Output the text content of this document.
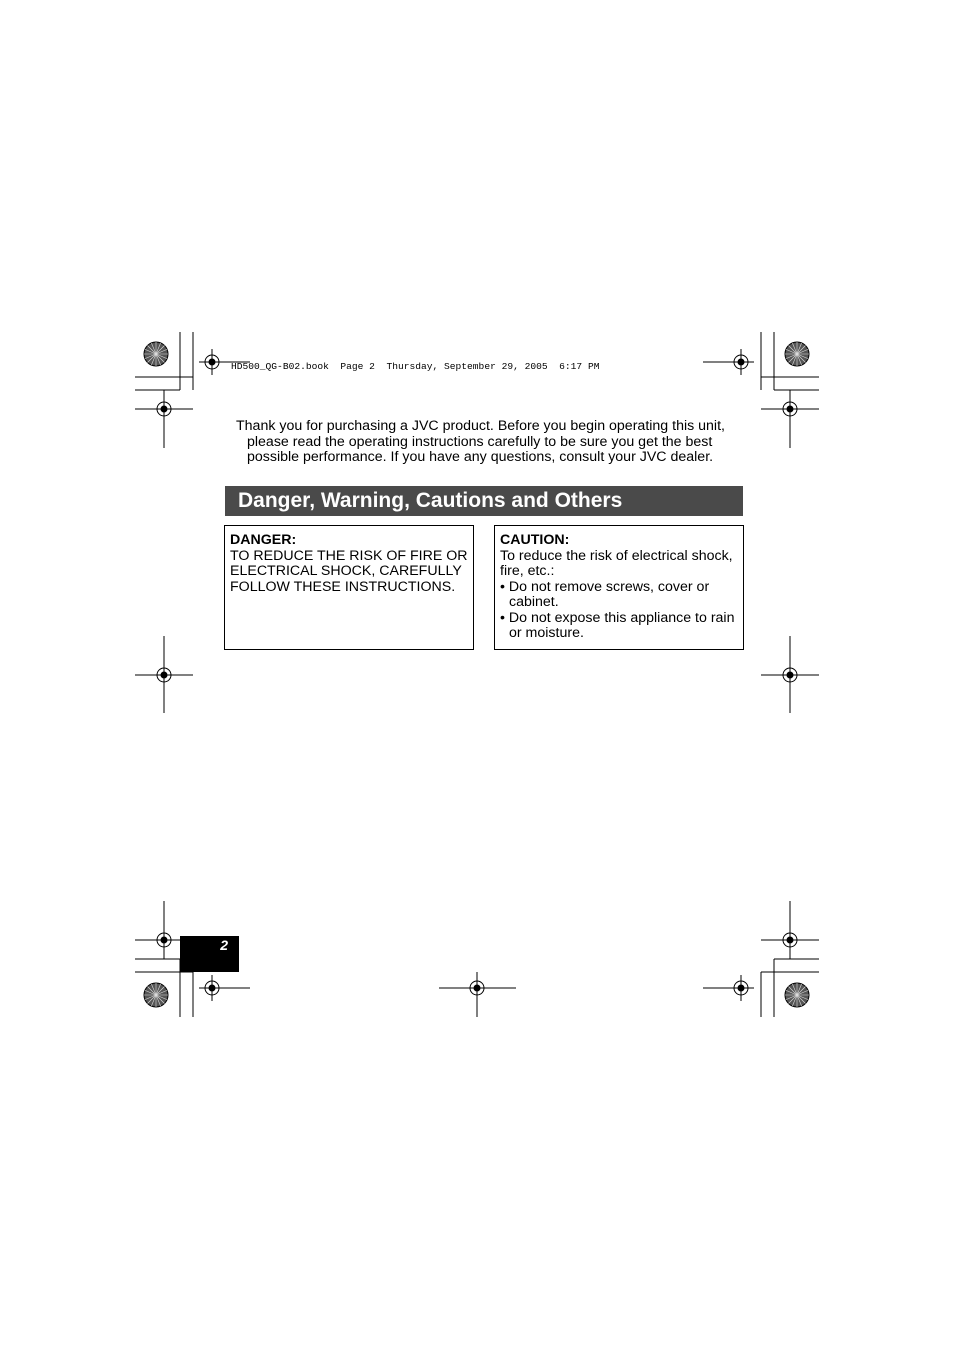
HD500_QG-B02.book  Page 2  Thursday, September 29, 2005  6:17 PM
Thank you for purchasing a JVC product. Before you begin operating this unit,
please read the operating instructions carefully to be sure you get the best
possible performance. If you have any questions, consult your JVC dealer.
Danger, Warning, Cautions and Others
DANGER:
TO REDUCE THE RISK OF FIRE OR
ELECTRICAL SHOCK, CAREFULLY
FOLLOW THESE INSTRUCTIONS.
CAUTION:
To reduce the risk of electrical shock,
fire, etc.:
• Do not remove screws, cover or cabinet.
• Do not expose this appliance to rain or moisture.
2
